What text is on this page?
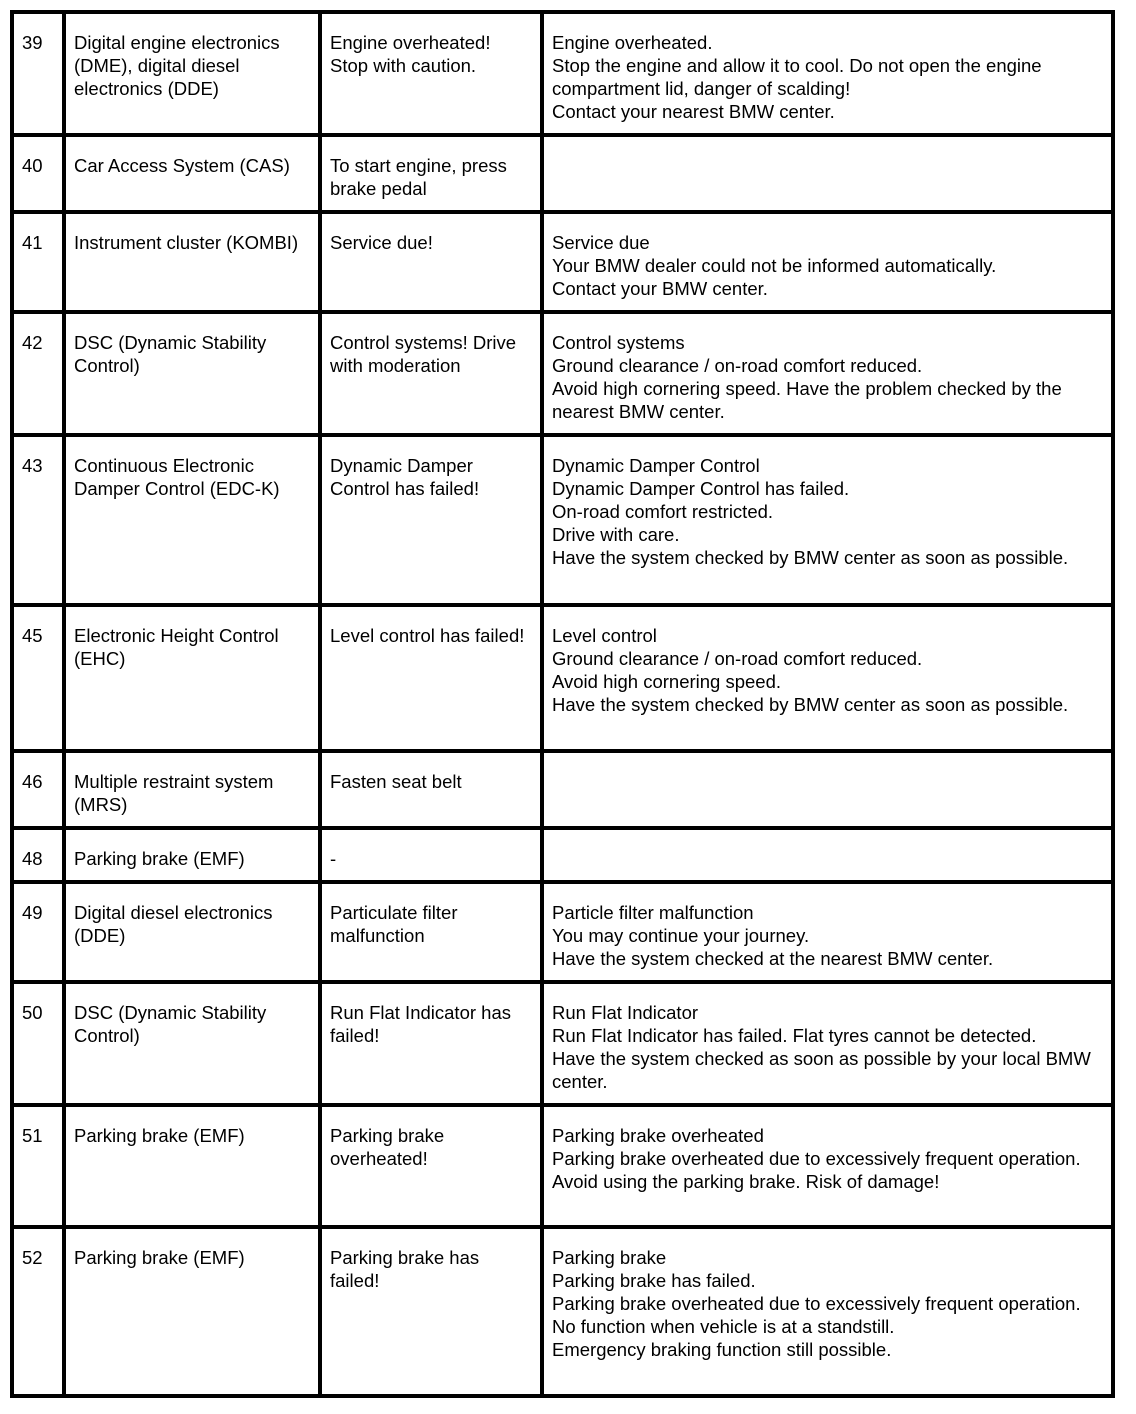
39	Digital engine electronics (DME), digital diesel electronics (DDE)	Engine overheated! Stop with caution.	Engine overheated.
Stop the engine and allow it to cool. Do not open the engine compartment lid, danger of scalding!
Contact your nearest BMW center.

40	Car Access System (CAS)	To start engine, press brake pedal	
41	Instrument cluster (KOMBI)	Service due!	Service due
Your BMW dealer could not be informed automatically.
Contact your BMW center.

42	DSC (Dynamic Stability Control)	Control systems! Drive with moderation	Control systems
Ground clearance / on-road comfort reduced.
Avoid high cornering speed. Have the problem checked by the nearest BMW center.

43	Continuous Electronic Damper Control (EDC-K)	Dynamic Damper Control has failed!	Dynamic Damper Control
Dynamic Damper Control has failed.
On-road comfort restricted.
Drive with care.
Have the system checked by BMW center as soon as possible.

45	Electronic Height Control (EHC)	Level control has failed!	Level control
Ground clearance / on-road comfort reduced.
Avoid high cornering speed.
Have the system checked by BMW center as soon as possible.

46	Multiple restraint system (MRS)	Fasten seat belt	
48	Parking brake (EMF)	-	
49	Digital diesel electronics (DDE)	Particulate filter malfunction	Particle filter malfunction
You may continue your journey.
Have the system checked at the nearest BMW center.

50	DSC (Dynamic Stability Control)	Run Flat Indicator has failed!	Run Flat Indicator
Run Flat Indicator has failed. Flat tyres cannot be detected.
Have the system checked as soon as possible by your local BMW center.

51	Parking brake (EMF)	Parking brake overheated!	Parking brake overheated
Parking brake overheated due to excessively frequent operation.
Avoid using the parking brake. Risk of damage!

52	Parking brake (EMF)	Parking brake has failed!	Parking brake
Parking brake has failed.
Parking brake overheated due to excessively frequent operation.
No function when vehicle is at a standstill.
Emergency braking function still possible.
